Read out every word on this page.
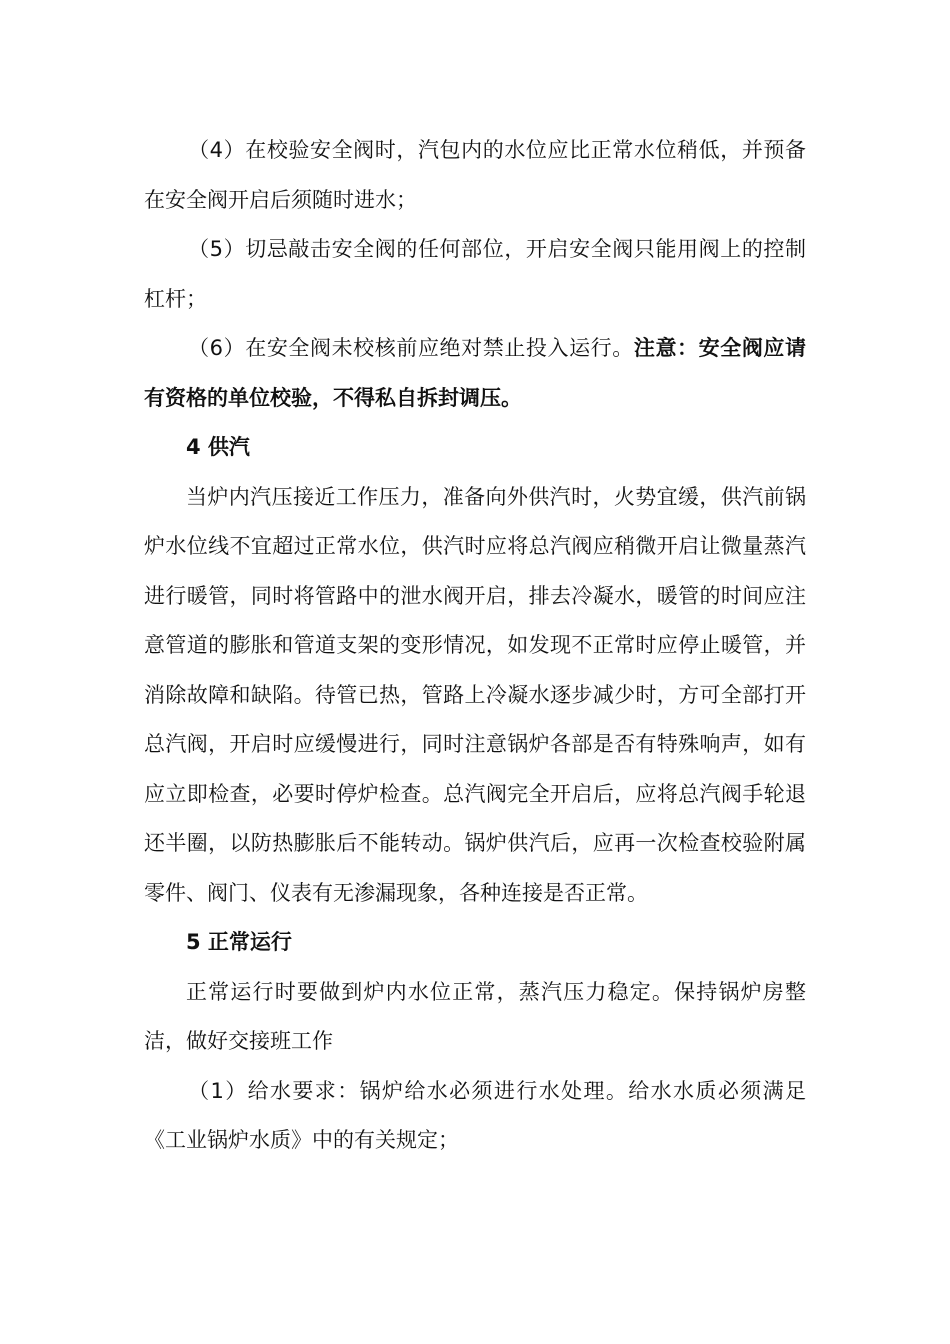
（4）在校验安全阀时，汽包内的水位应比正常水位稍低，并预备在安全阀开启后须随时进水；

（5）切忌敲击安全阀的任何部位，开启安全阀只能用阀上的控制杠杆；

（6）在安全阀未校核前应绝对禁止投入运行。注意：安全阀应请有资格的单位校验，不得私自拆封调压。

4 供汽

当炉内汽压接近工作压力，准备向外供汽时，火势宜缓，供汽前锅炉水位线不宜超过正常水位，供汽时应将总汽阀应稍微开启让微量蒸汽进行暖管，同时将管路中的泄水阀开启，排去冷凝水，暖管的时间应注意管道的膨胀和管道支架的变形情况，如发现不正常时应停止暖管，并消除故障和缺陷。待管已热，管路上冷凝水逐步减少时，方可全部打开总汽阀，开启时应缓慢进行，同时注意锅炉各部是否有特殊响声，如有应立即检查，必要时停炉检查。总汽阀完全开启后，应将总汽阀手轮退还半圈，以防热膨胀后不能转动。锅炉供汽后，应再一次检查校验附属零件、阀门、仪表有无渗漏现象，各种连接是否正常。

5 正常运行

正常运行时要做到炉内水位正常，蒸汽压力稳定。保持锅炉房整洁，做好交接班工作

（1）给水要求：锅炉给水必须进行水处理。给水水质必须满足《工业锅炉水质》中的有关规定；
